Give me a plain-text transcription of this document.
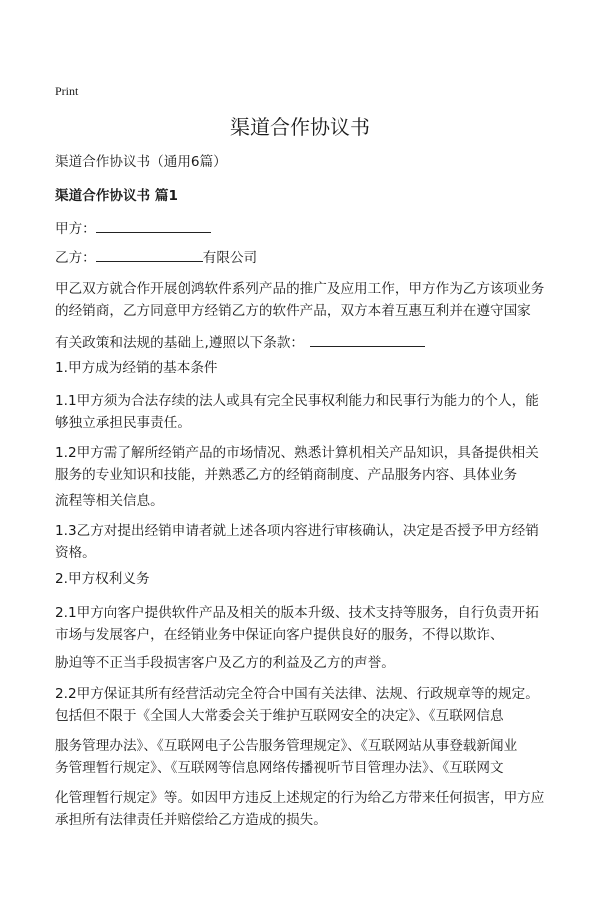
Print
渠道合作协议书
渠道合作协议书（通用6篇）
渠道合作协议书 篇1
甲方：
乙方：	有限公司
甲乙双方就合作开展创鸿软件系列产品的推广及应用工作，甲方作为乙方该项业务
的经销商，乙方同意甲方经销乙方的软件产品，双方本着互惠互利并在遵守国家
有关政策和法规的基础上,遵照以下条款：
1.甲方成为经销的基本条件
1.1甲方须为合法存续的法人或具有完全民事权利能力和民事行为能力的个人，能
够独立承担民事责任。
1.2甲方需了解所经销产品的市场情况、熟悉计算机相关产品知识，具备提供相关
服务的专业知识和技能，并熟悉乙方的经销商制度、产品服务内容、具体业务
流程等相关信息。
1.3乙方对提出经销申请者就上述各项内容进行审核确认，决定是否授予甲方经销
资格。
2.甲方权利义务
2.1甲方向客户提供软件产品及相关的版本升级、技术支持等服务，自行负责开拓
市场与发展客户，在经销业务中保证向客户提供良好的服务，不得以欺诈、
胁迫等不正当手段损害客户及乙方的利益及乙方的声誉。
2.2甲方保证其所有经营活动完全符合中国有关法律、法规、行政规章等的规定。
包括但不限于《全国人大常委会关于维护互联网安全的决定》、《互联网信息
服务管理办法》、《互联网电子公告服务管理规定》、《互联网站从事登载新闻业
务管理暂行规定》、《互联网等信息网络传播视听节目管理办法》、《互联网文
化管理暂行规定》等。如因甲方违反上述规定的行为给乙方带来任何损害，甲方应
承担所有法律责任并赔偿给乙方造成的损失。
